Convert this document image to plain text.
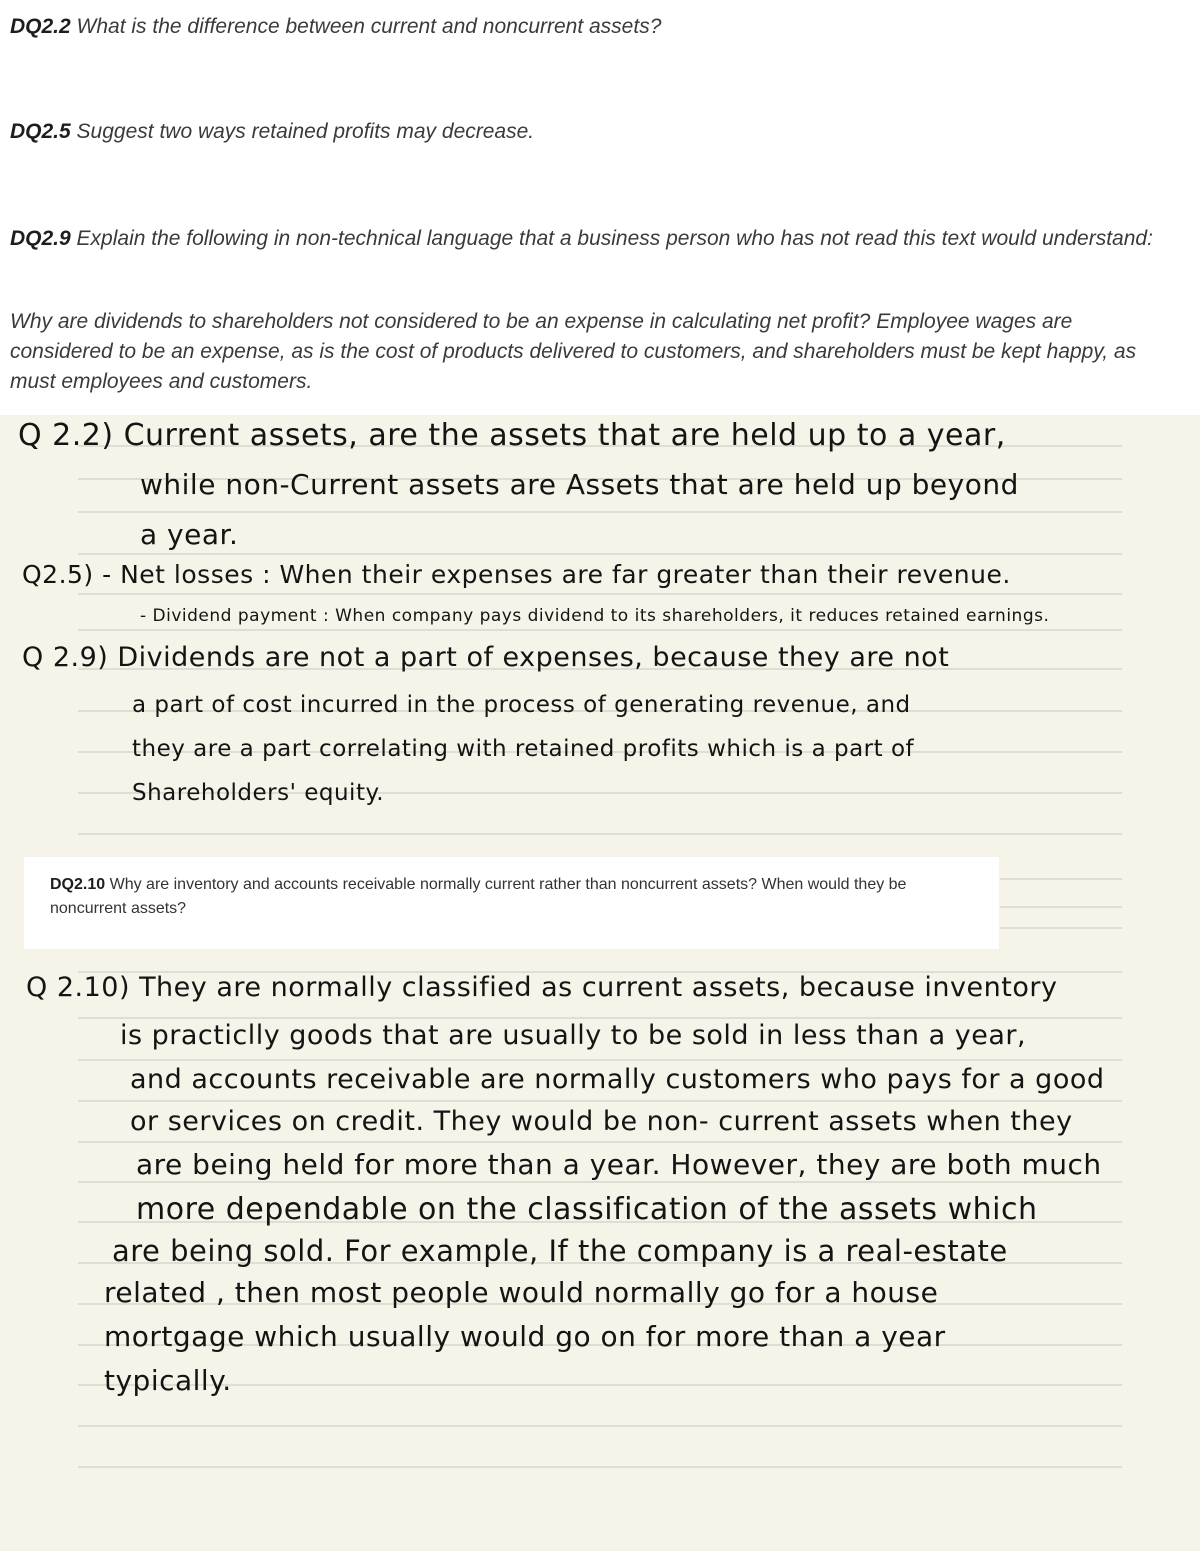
DQ2.2 What is the difference between current and noncurrent assets?
DQ2.5 Suggest two ways retained profits may decrease.
DQ2.9 Explain the following in non-technical language that a business person who has not read this text would understand:
Why are dividends to shareholders not considered to be an expense in calculating net profit? Employee wages are considered to be an expense, as is the cost of products delivered to customers, and shareholders must be kept happy, as must employees and customers.
Q 2.2) Current assets, are the assets that are held up to a year,
while non-Current assets are Assets that are held up beyond
a year.
Q2.5) - Net losses : When their expenses are far greater than their revenue.
- Dividend payment : When company pays dividend to its shareholders, it reduces retained earnings.
Q 2.9) Dividends are not a part of expenses, because they are not
a part of cost incurred in the process of generating revenue, and
they are a part correlating with retained profits which is a part of
Shareholders' equity.
DQ2.10 Why are inventory and accounts receivable normally current rather than noncurrent assets? When would they be noncurrent assets?
Q 2.10) They are normally classified as current assets, because inventory
is practiclly goods that are usually to be sold in less than a year,
and accounts receivable are normally customers who pays for a good
or services on credit. They would be non- current assets when they
are being held for more than a year. However, they are both much
more dependable on the classification of the assets which
are being sold. For example, If the company is a real-estate
related , then most people would normally go for a house
mortgage which usually would go on for more than a year
typically.
